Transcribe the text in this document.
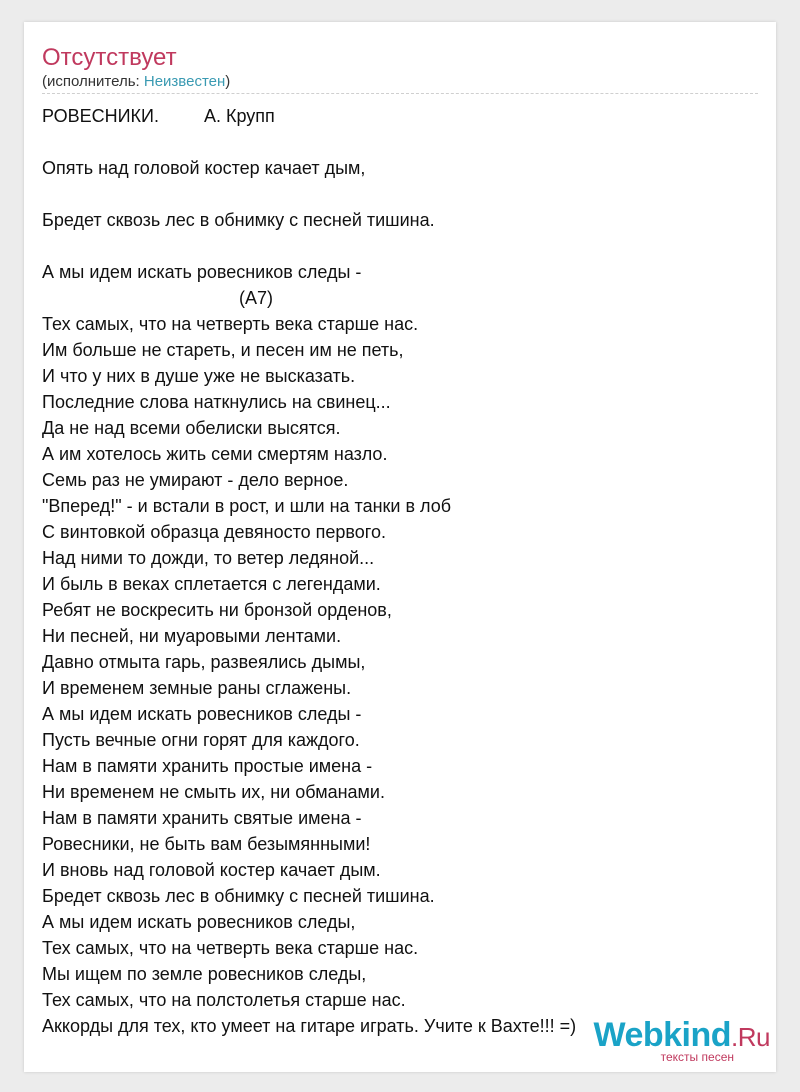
Отсутствует
(исполнитель: Неизвестен)
РОВЕСНИКИ.         А. Крупп
Опять над головой костер качает дым,
Бредет сквозь лес в обнимку с песней тишина.
А мы идем искать ровесников следы -
(A7)
Тех самых, что на четверть века старше нас.
Им больше не стареть, и песен им не петь,
И что у них в душе уже не высказать.
Последние слова наткнулись на свинец...
Да не над всеми обелиски высятся.
А им хотелось жить семи смертям назло.
Семь раз не умирают - дело верное.
"Вперед!" - и встали в рост, и шли на танки в лоб
С винтовкой образца девяносто первого.
Над ними то дожди, то ветер ледяной...
И быль в веках сплетается с легендами.
Ребят не воскресить ни бронзой орденов,
Ни песней, ни муаровыми лентами.
Давно отмыта гарь, развеялись дымы,
И временем земные раны сглажены.
А мы идем искать ровесников следы -
Пусть вечные огни горят для каждого.
Нам в памяти хранить простые имена -
Ни временем не смыть их, ни обманами.
Нам в памяти хранить святые имена -
Ровесники, не быть вам безымянными!
И вновь над головой костер качает дым.
Бредет сквозь лес в обнимку с песней тишина.
А мы идем искать ровесников следы,
Тех самых, что на четверть века старше нас.
Мы ищем по земле ровесников следы,
Тех самых, что на полстолетья старше нас.
Аккорды для тех, кто умеет на гитаре играть. Учите к Вахте!!! =) Webkind.Ru
тексты песен
